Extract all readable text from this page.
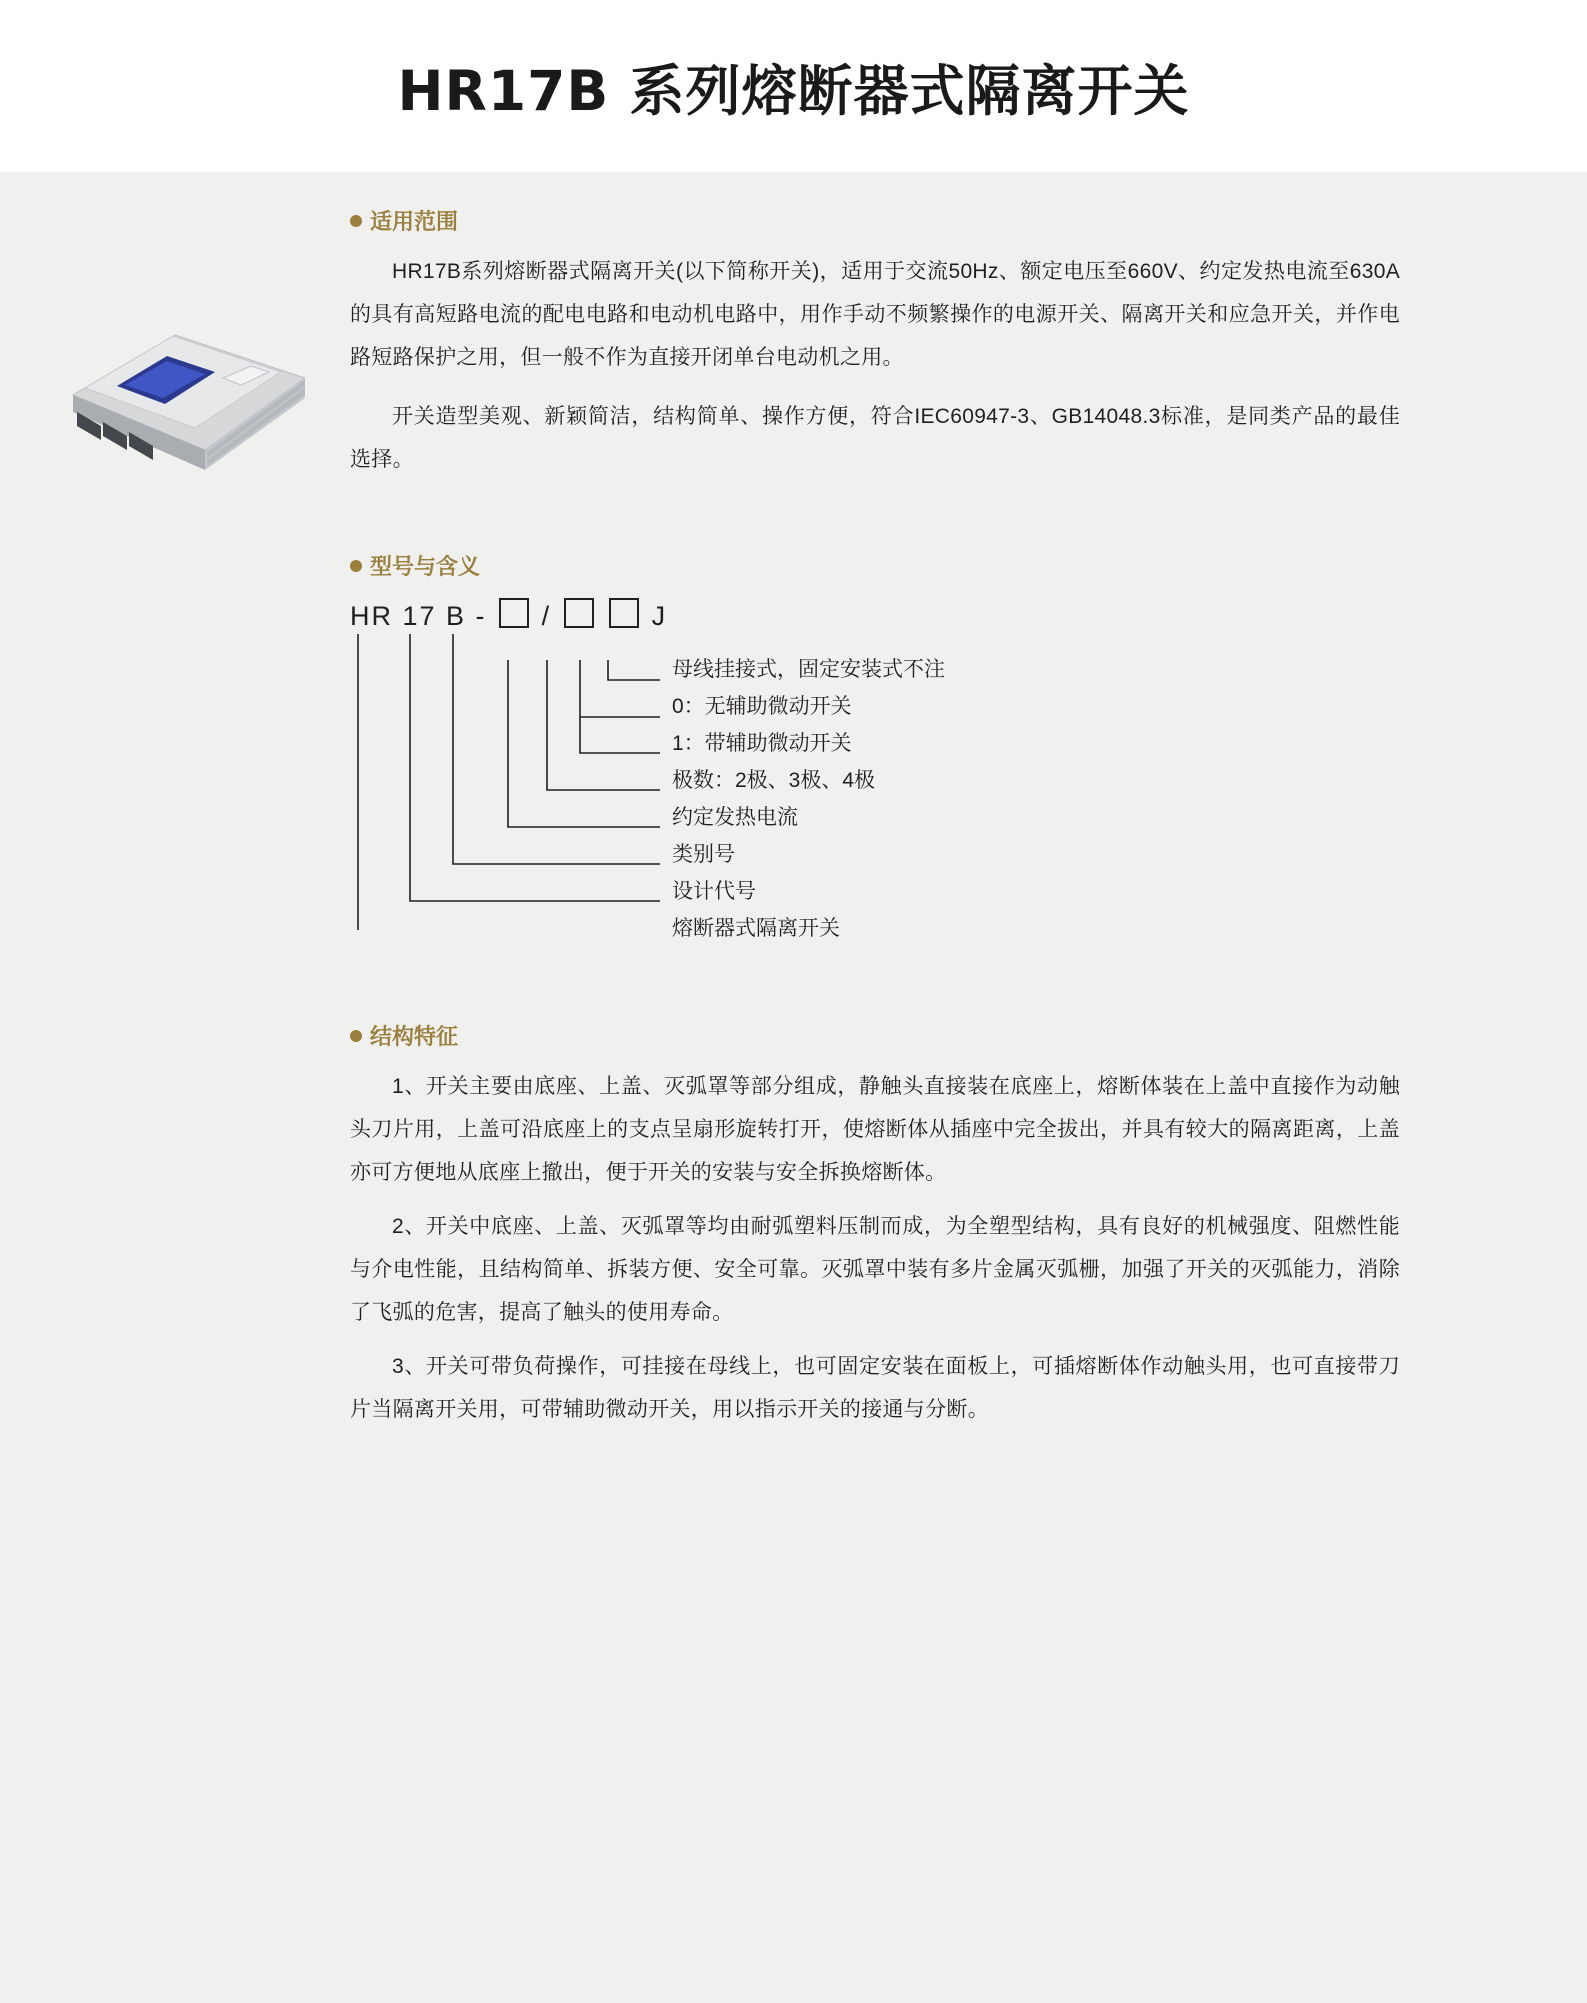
HR17B 系列熔断器式隔离开关
适用范围
HR17B系列熔断器式隔离开关(以下简称开关)，适用于交流50Hz、额定电压至660V、约定发热电流至630A的具有高短路电流的配电电路和电动机电路中，用作手动不频繁操作的电源开关、隔离开关和应急开关，并作电路短路保护之用，但一般不作为直接开闭单台电动机之用。
开关造型美观、新颖简洁，结构简单、操作方便，符合IEC60947-3、GB14048.3标准，是同类产品的最佳选择。
型号与含义
HR 17 B - /	J
母线挂接式，固定安装式不注
0：无辅助微动开关
1：带辅助微动开关
极数：2极、3极、4极
约定发热电流
类别号
设计代号
熔断器式隔离开关
结构特征
1、开关主要由底座、上盖、灭弧罩等部分组成，静触头直接装在底座上，熔断体装在上盖中直接作为动触头刀片用，上盖可沿底座上的支点呈扇形旋转打开，使熔断体从插座中完全拔出，并具有较大的隔离距离，上盖亦可方便地从底座上撤出，便于开关的安装与安全拆换熔断体。
2、开关中底座、上盖、灭弧罩等均由耐弧塑料压制而成，为全塑型结构，具有良好的机械强度、阻燃性能与介电性能，且结构简单、拆装方便、安全可靠。灭弧罩中装有多片金属灭弧栅，加强了开关的灭弧能力，消除了飞弧的危害，提高了触头的使用寿命。
3、开关可带负荷操作，可挂接在母线上，也可固定安装在面板上，可插熔断体作动触头用，也可直接带刀片当隔离开关用，可带辅助微动开关，用以指示开关的接通与分断。
